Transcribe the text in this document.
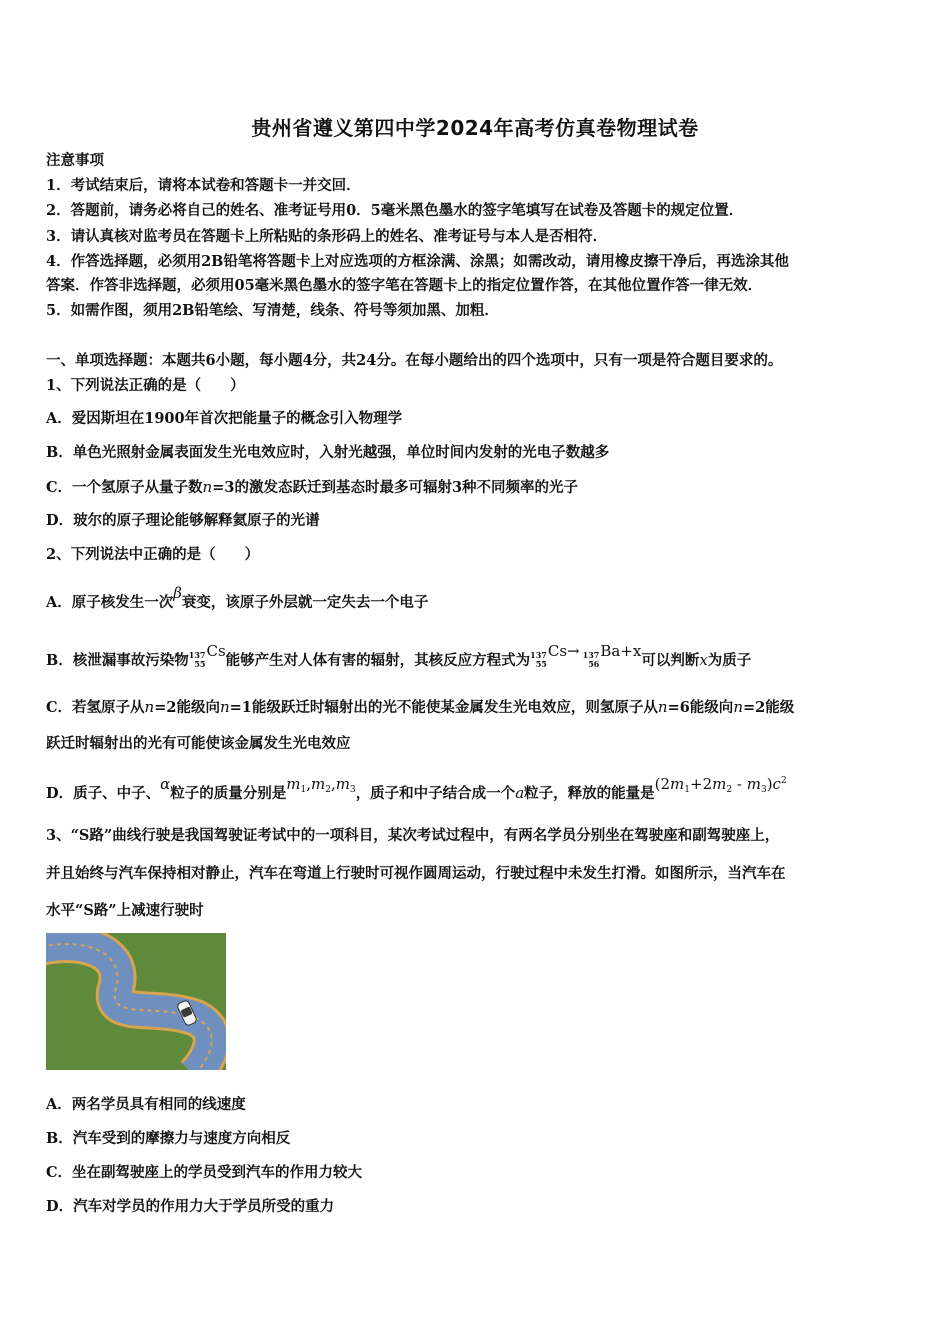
贵州省遵义第四中学2024年高考仿真卷物理试卷
注意事项
1．考试结束后，请将本试卷和答题卡一并交回．
2．答题前，请务必将自己的姓名、准考证号用0．5毫米黑色墨水的签字笔填写在试卷及答题卡的规定位置．
3．请认真核对监考员在答题卡上所粘贴的条形码上的姓名、准考证号与本人是否相符．
4．作答选择题，必须用2B铅笔将答题卡上对应选项的方框涂满、涂黑；如需改动，请用橡皮擦干净后，再选涂其他
答案．作答非选择题，必须用05毫米黑色墨水的签字笔在答题卡上的指定位置作答，在其他位置作答一律无效．
5．如需作图，须用2B铅笔绘、写清楚，线条、符号等须加黑、加粗．
一、单项选择题：本题共6小题，每小题4分，共24分。在每小题给出的四个选项中，只有一项是符合题目要求的。
1、下列说法正确的是（　　）
A．爱因斯坦在1900年首次把能量子的概念引入物理学
B．单色光照射金属表面发生光电效应时，入射光越强，单位时间内发射的光电子数越多
C．一个氢原子从量子数n=3的激发态跃迁到基态时最多可辐射3种不同频率的光子
D．玻尔的原子理论能够解释氦原子的光谱
2、下列说法中正确的是（　　）
A．原子核发生一次β衰变，该原子外层就一定失去一个电子
B．核泄漏事故污染物 137
55
Cs能够产生对人体有害的辐射，其核反应方程式为 137
55
Cs→ 137
56
Ba+x可以判断x为质子
C．若氢原子从n=2能级向n=1能级跃迁时辐射出的光不能使某金属发生光电效应，则氢原子从n=6能级向n=2能级
跃迁时辐射出的光有可能使该金属发生光电效应
D．质子、中子、α粒子的质量分别是$m_1,m_2,m_3$，质子和中子结合成一个a粒子，释放的能量是$(2m_1+2m_2 - m_3)c^2$
3、“S路”曲线行驶是我国驾驶证考试中的一项科目，某次考试过程中，有两名学员分别坐在驾驶座和副驾驶座上，
并且始终与汽车保持相对静止，汽车在弯道上行驶时可视作圆周运动，行驶过程中未发生打滑。如图所示，当汽车在
水平“S路”上减速行驶时
A．两名学员具有相同的线速度
B．汽车受到的摩擦力与速度方向相反
C．坐在副驾驶座上的学员受到汽车的作用力较大
D．汽车对学员的作用力大于学员所受的重力
